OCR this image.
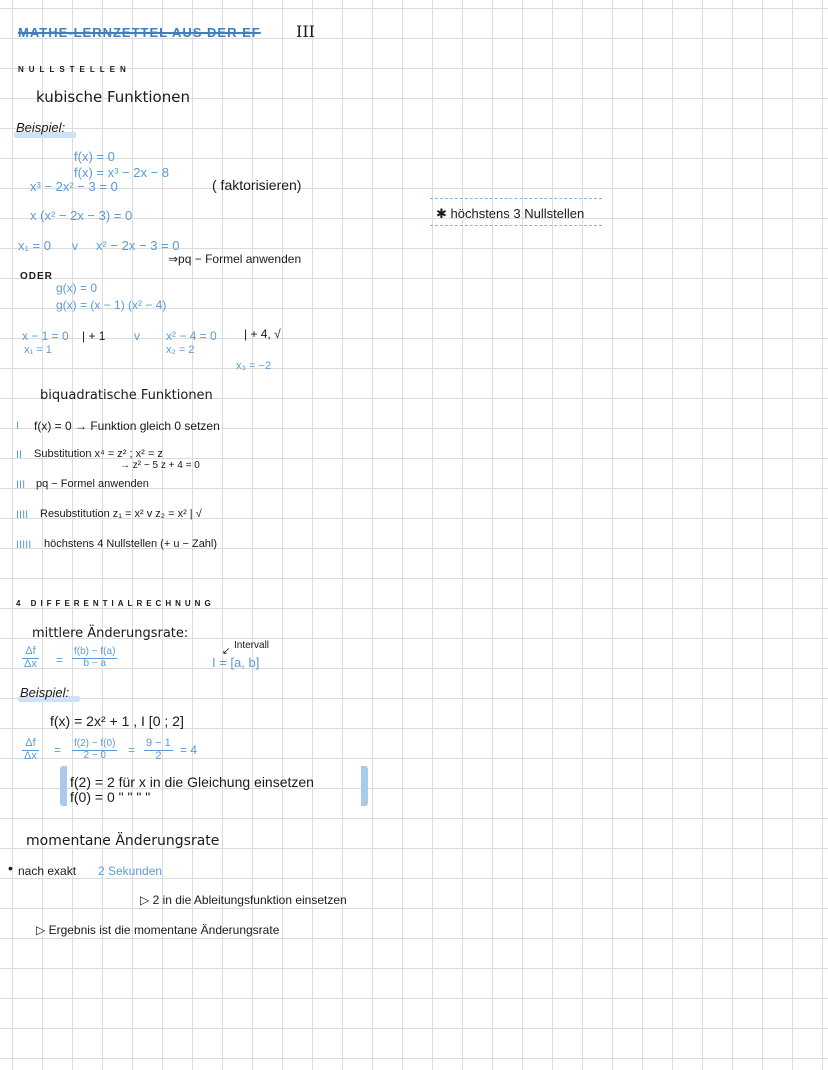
MATHE-LERNZETTEL AUS DER EF III
NULLSTELLEN
kubische Funktionen
Beispiel:
f(x) = 0
f(x) = x³ − 2x − 8
x³ − 2x² − 3 = 0	( faktorisieren)
✱ höchstens 3 Nullstellen
x (x² − 2x − 3) = 0
x₁ = 0 v x² − 2x − 3 = 0
⇒pq − Formel anwenden
ODER
g(x) = 0
g(x) = (x − 1) (x² − 4)
x − 1 = 0 | + 1
x₁ = 1
v x² − 4 = 0 | + 4, √
x₂ = 2
x₃ = −2
biquadratische Funktionen
I f(x) = 0 → Funktion gleich 0 setzen
II Substitution x⁴ = z² ; x² = z
→ z² − 5 z + 4 = 0
III pq − Formel anwenden
IIII Resubstitution z₁ = x² v z₂ = x² | √
IIIII höchstens 4 Nullstellen (+ u − Zahl)
4 DIFFERENTIALRECHNUNG
mittlere Änderungsrate:
$\frac{\Delta f}{\Delta x} = \frac{f(b) - f(a)}{b - a}$
Intervall
↙
I = [a, b]
Beispiel:
f(x) = 2x² + 1 , I [0 ; 2]
$\frac{\Delta f}{\Delta x} = \frac{f(2) - f(0)}{2 - 0} = \frac{9 - 1}{2} = 4$
f(2) = 2 für x in die Gleichung einsetzen
f(0) = 0 " " " "
momentane Änderungsrate
• nach exakt 2 Sekunden
▷ 2 in die Ableitungsfunktion einsetzen
▷ Ergebnis ist die momentane Änderungsrate
